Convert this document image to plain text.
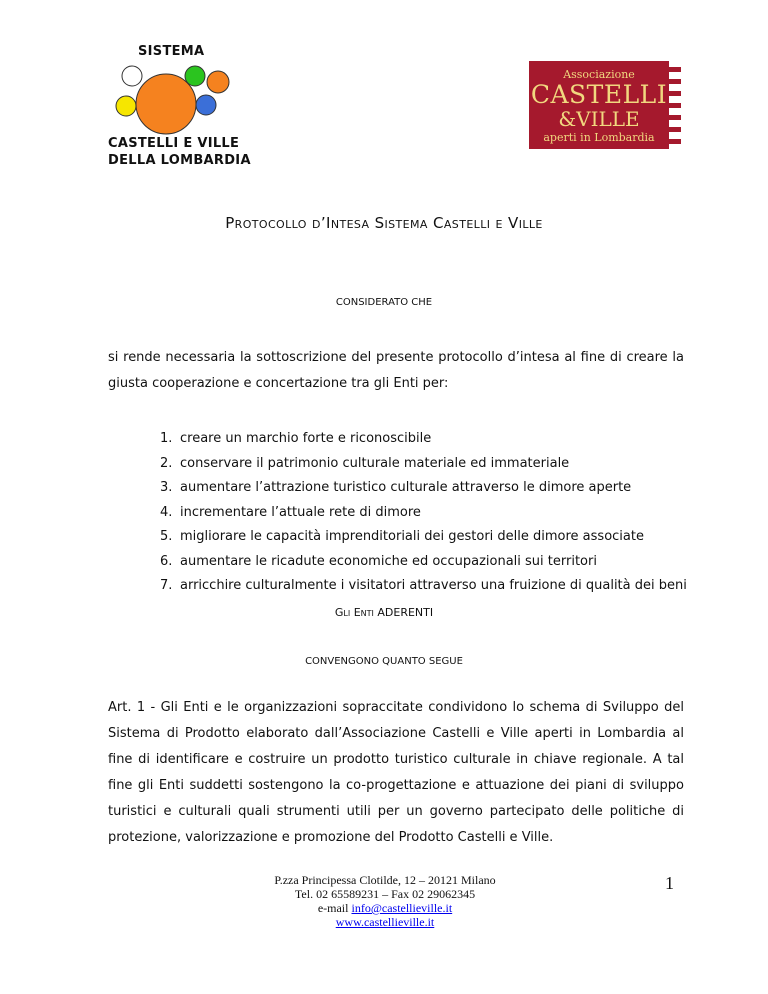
SISTEMA
CASTELLI E VILLE
DELLA LOMBARDIA
Associazione
CASTELLI
&VILLE
aperti in Lombardia
Protocollo d’Intesa Sistema Castelli e Ville
CONSIDERATO CHE

si rende necessaria la sottoscrizione del presente protocollo d’intesa al fine di creare la giusta cooperazione e concertazione tra gli Enti per:

1. creare un marchio forte e riconoscibile
2. conservare il patrimonio culturale materiale ed immateriale
3. aumentare l’attrazione turistico culturale attraverso le dimore aperte
4. incrementare l’attuale rete di dimore
5. migliorare le capacità imprenditoriali dei gestori delle dimore associate
6. aumentare le ricadute economiche ed occupazionali sui territori
7. arricchire culturalmente i visitatori attraverso una fruizione di qualità dei beni
Gli Enti ADERENTI
CONVENGONO QUANTO SEGUE

Art. 1 - Gli Enti e le organizzazioni sopraccitate condividono lo schema di Sviluppo del Sistema di Prodotto elaborato dall’Associazione Castelli e Ville aperti in Lombardia al fine di identificare e costruire un prodotto turistico culturale in chiave regionale. A tal fine gli Enti suddetti sostengono la co-progettazione e attuazione dei piani di sviluppo turistici e culturali quali strumenti utili per un governo partecipato delle politiche di protezione, valorizzazione e promozione del Prodotto Castelli e Ville.

P.zza Principessa Clotilde, 12 – 20121 Milano
Tel. 02 65589231 – Fax 02 29062345
e-mail info@castellieville.it
www.castellieville.it
1
